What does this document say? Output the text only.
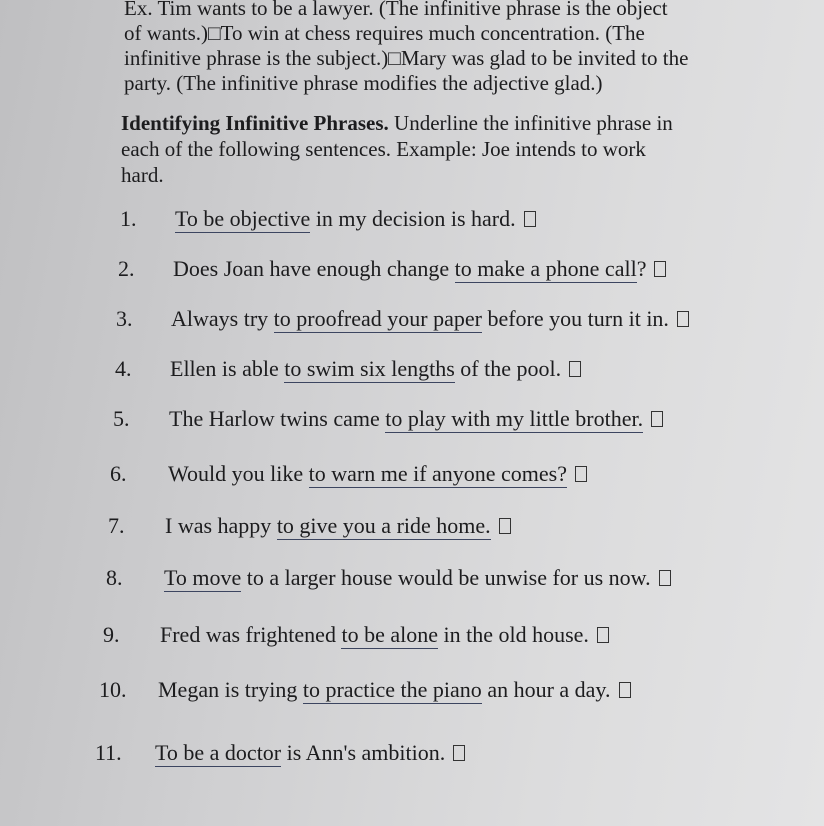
Ex. Tim wants to be a lawyer. (The infinitive phrase is the object
of wants.)□To win at chess requires much concentration. (The
infinitive phrase is the subject.)□Mary was glad to be invited to the
party. (The infinitive phrase modifies the adjective glad.)
Identifying Infinitive Phrases. Underline the infinitive phrase in
each of the following sentences. Example: Joe intends to work
hard.
1. To be objective in my decision is hard.
2. Does Joan have enough change to make a phone call?
3. Always try to proofread your paper before you turn it in.
4. Ellen is able to swim six lengths of the pool.
5. The Harlow twins came to play with my little brother.
6. Would you like to warn me if anyone comes?
7. I was happy to give you a ride home.
8. To move to a larger house would be unwise for us now.
9. Fred was frightened to be alone in the old house.
10. Megan is trying to practice the piano an hour a day.
11. To be a doctor is Ann's ambition.
